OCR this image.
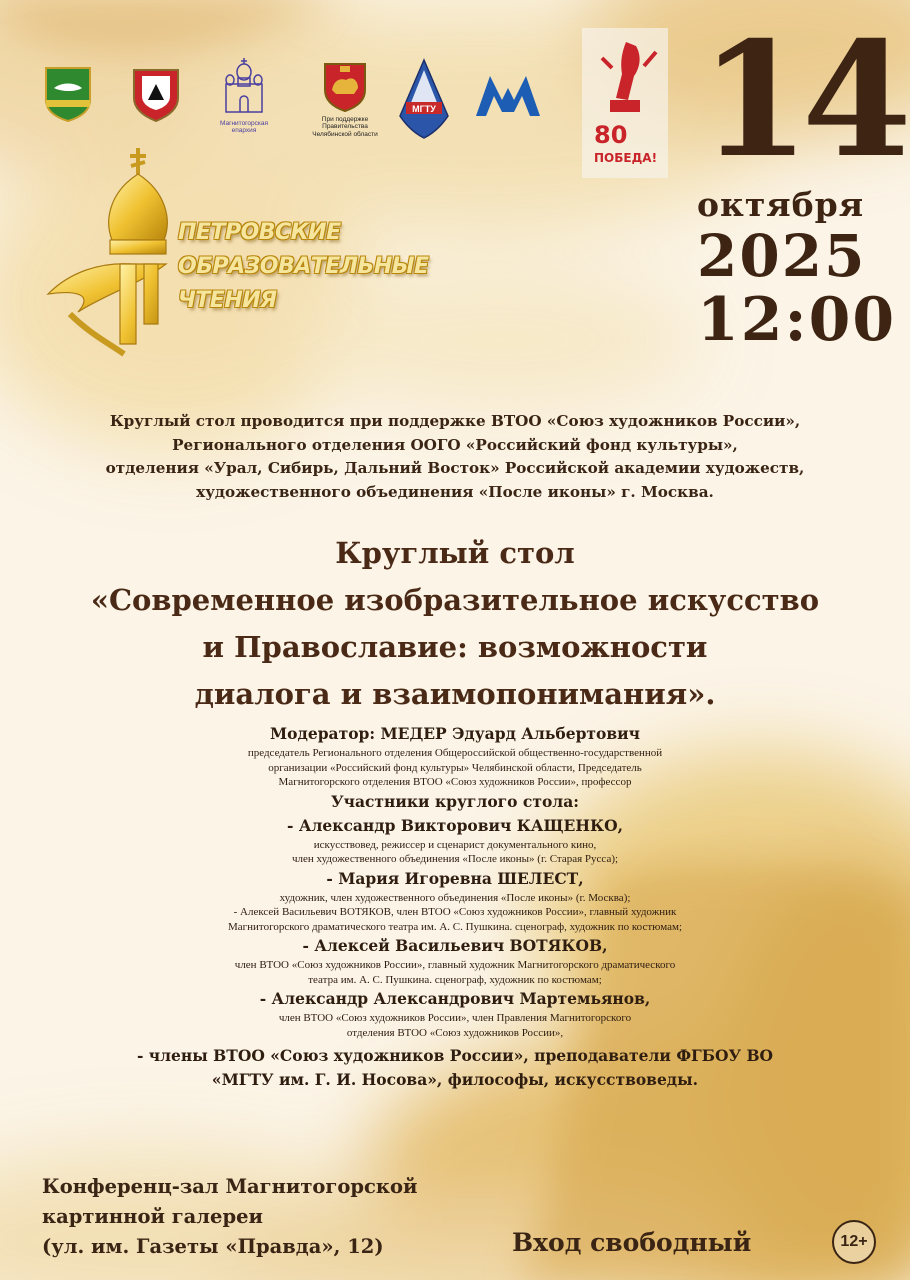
Магнитогорская епархия
При поддержке Правительства Челябинской области
МГТУ
80
ПОБЕДА! 14
октября
2025
12:00
ПЕТРОВСКИЕ
ОБРАЗОВАТЕЛЬНЫЕ
ЧТЕНИЯ
Круглый стол проводится при поддержке ВТОО «Союз художников России»,
Регионального отделения ООГО «Российский фонд культуры»,
отделения «Урал, Сибирь, Дальний Восток» Российской академии художеств,
художественного объединения «После иконы» г. Москва.
Круглый стол
«Современное изобразительное искусство
и Православие: возможности
диалога и взаимопонимания».
Модератор: МЕДЕР Эдуард Альбертович
председатель Регионального отделения Общероссийской общественно-государственной
организации «Российский фонд культуры» Челябинской области, Председатель
Магнитогорского отделения ВТОО «Союз художников России», профессор
Участники круглого стола:
- Александр Викторович КАЩЕНКО,
искусствовед, режиссер и сценарист документального кино,
член художественного объединения «После иконы» (г. Старая Русса);
- Мария Игоревна ШЕЛЕСТ,
художник, член художественного объединения «После иконы» (г. Москва);
- Алексей Васильевич ВОТЯКОВ, член ВТОО «Союз художников России», главный художник
Магнитогорского драматического театра им. А. С. Пушкина. сценограф, художник по костюмам;
- Алексей Васильевич ВОТЯКОВ,
член ВТОО «Союз художников России», главный художник Магнитогорского драматического
театра им. А. С. Пушкина. сценограф, художник по костюмам;
- Александр Александрович Мартемьянов,
член ВТОО «Союз художников России», член Правления Магнитогорского
отделения ВТОО «Союз художников России»,
- члены ВТОО «Союз художников России», преподаватели ФГБОУ ВО
«МГТУ им. Г. И. Носова», философы, искусствоведы.
Конференц-зал Магнитогорской
картинной галереи
(ул. им. Газеты «Правда», 12)	Вход свободный	12+
